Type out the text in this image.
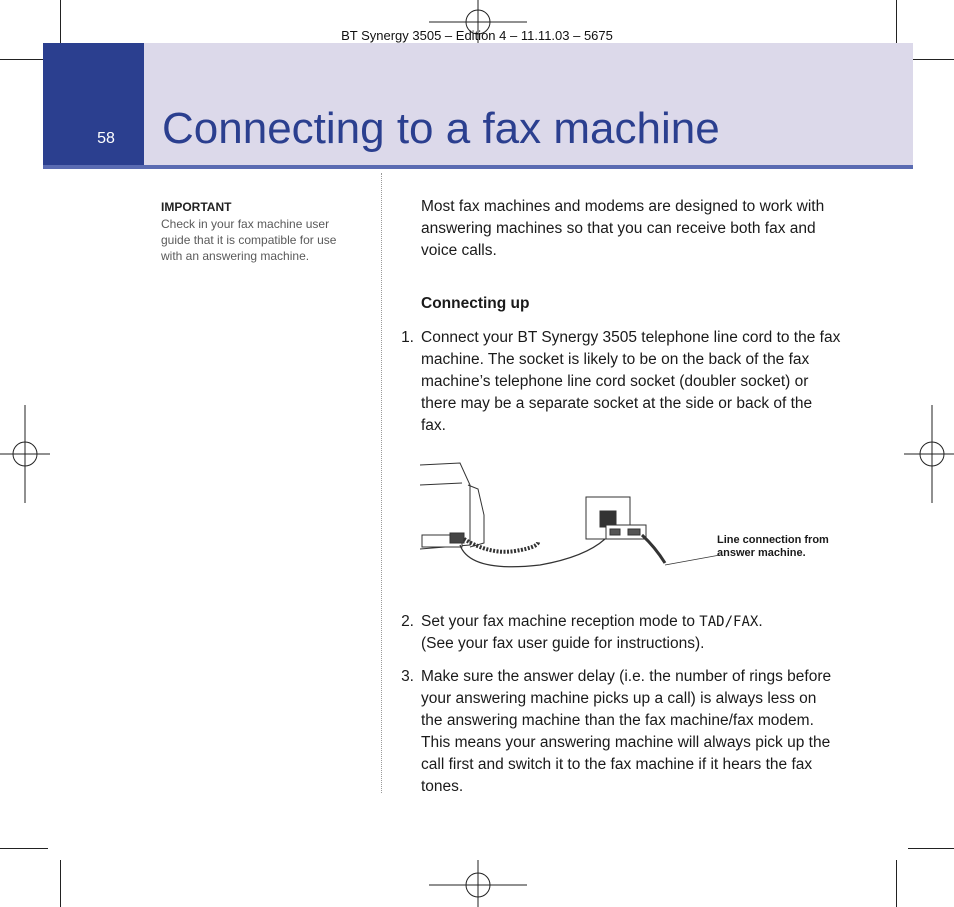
BT Synergy 3505 – Edition 4 – 11.11.03 – 5675
58 Connecting to a fax machine
IMPORTANT
Check in your fax machine user guide that it is compatible for use with an answering machine.
Most fax machines and modems are designed to work with answering machines so that you can receive both fax and voice calls.
Connecting up
1. Connect your BT Synergy 3505 telephone line cord to the fax machine. The socket is likely to be on the back of the fax machine’s telephone line cord socket (doubler socket) or there may be a separate socket at the side or back of the fax.
Line connection from answer machine.
2. Set your fax machine reception mode to TAD/FAX.
(See your fax user guide for instructions).
3. Make sure the answer delay (i.e. the number of rings before your answering machine picks up a call) is always less on the answering machine than the fax machine/fax modem. This means your answering machine will always pick up the call first and switch it to the fax machine if it hears the fax tones.
